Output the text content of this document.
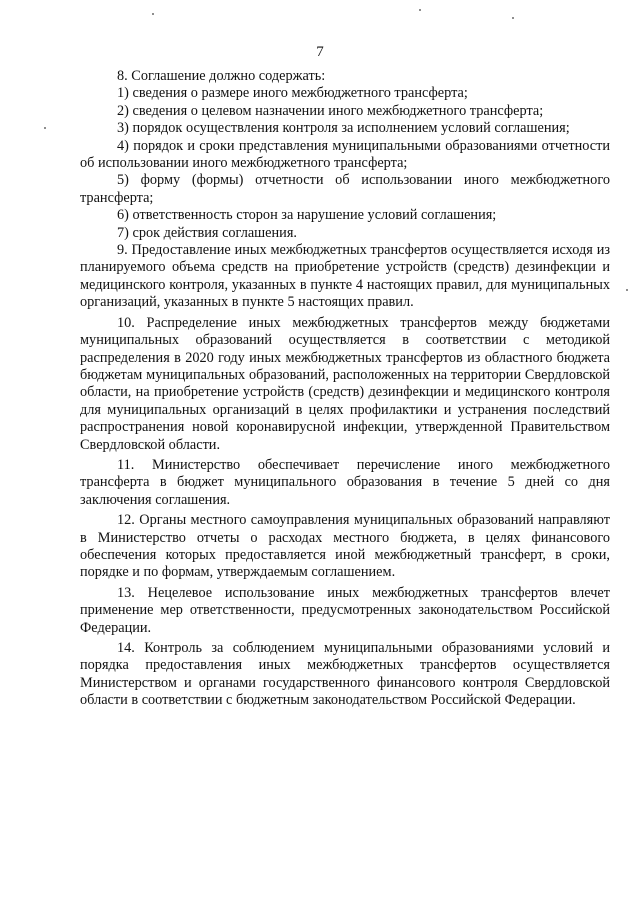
7

8. Соглашение должно содержать:

1) сведения о размере иного межбюджетного трансферта;

2) сведения о целевом назначении иного межбюджетного трансферта;

3) порядок осуществления контроля за исполнением условий соглашения;

4) порядок и сроки представления муниципальными образованиями отчетности об использовании иного межбюджетного трансферта;

5) форму (формы) отчетности об использовании иного межбюджетного трансферта;

6) ответственность сторон за нарушение условий соглашения;

7) срок действия соглашения.

9. Предоставление иных межбюджетных трансфертов осуществляется исходя из планируемого объема средств на приобретение устройств (средств) дезинфекции и медицинского контроля, указанных в пункте 4 настоящих правил, для муниципальных организаций, указанных в пункте 5 настоящих правил.

10. Распределение иных межбюджетных трансфертов между бюджетами муниципальных образований осуществляется в соответствии с методикой распределения в 2020 году иных межбюджетных трансфертов из областного бюджета бюджетам муниципальных образований, расположенных на территории Свердловской области, на приобретение устройств (средств) дезинфекции и медицинского контроля для муниципальных организаций в целях профилактики и устранения последствий распространения новой коронавирусной инфекции, утвержденной Правительством Свердловской области.

11. Министерство обеспечивает перечисление иного межбюджетного трансферта в бюджет муниципального образования в течение 5 дней со дня заключения соглашения.

12. Органы местного самоуправления муниципальных образований направляют в Министерство отчеты о расходах местного бюджета, в целях финансового обеспечения которых предоставляется иной межбюджетный трансферт, в сроки, порядке и по формам, утверждаемым соглашением.

13. Нецелевое использование иных межбюджетных трансфертов влечет применение мер ответственности, предусмотренных законодательством Российской Федерации.

14. Контроль за соблюдением муниципальными образованиями условий и порядка предоставления иных межбюджетных трансфертов осуществляется Министерством и органами государственного финансового контроля Свердловской области в соответствии с бюджетным законодательством Российской Федерации.
